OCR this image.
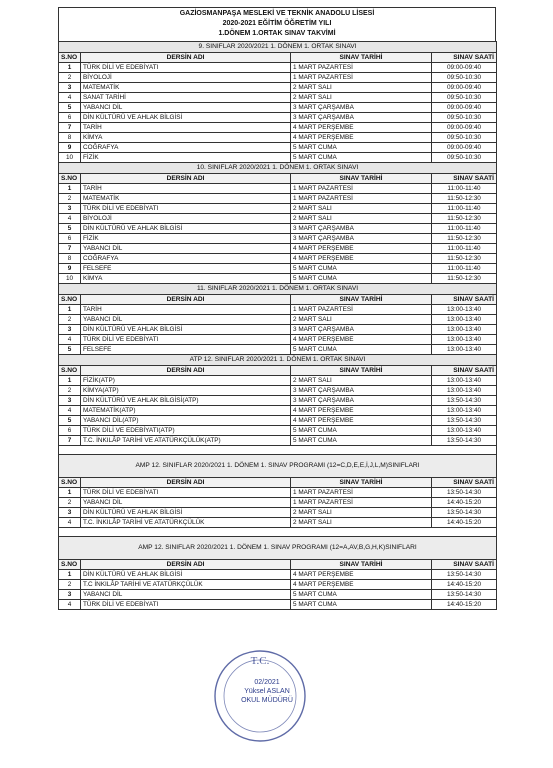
GAZİOSMANPAŞA MESLEKİ VE TEKNİK ANADOLU LİSESİ
2020-2021 EĞİTİM ÖĞRETİM YILI
1.DÖNEM 1.ORTAK SINAV TAKVİMİ
9. SINIFLAR 2020/2021 1. DÖNEM 1. ORTAK SINAVI			
S.NO	DERSİN ADI	SINAV TARİHİ	SINAV SAATİ
1	TÜRK DİLİ VE EDEBİYATI	1 MART PAZARTESİ	09:00-09:40
2	BİYOLOJİ	1 MART PAZARTESİ	09:50-10:30
3	MATEMATİK	2 MART SALI	09:00-09:40
4	SANAT TARİHİ	2 MART SALI	09:50-10:30
5	YABANCI DİL	3 MART ÇARŞAMBA	09:00-09:40
6	DİN KÜLTÜRÜ VE AHLAK BİLGİSİ	3 MART ÇARŞAMBA	09:50-10:30
7	TARİH	4 MART PERŞEMBE	09:00-09:40
8	KİMYA	4 MART PERŞEMBE	09:50-10:30
9	COĞRAFYA	5 MART CUMA	09:00-09:40
10	FİZİK	5 MART CUMA	09:50-10:30
10. SINIFLAR 2020/2021 1. DÖNEM 1. ORTAK SINAVI			
S.NO	DERSİN ADI	SINAV TARİHİ	SINAV SAATİ
1	TARİH	1 MART PAZARTESİ	11:00-11:40
2	MATEMATİK	1 MART PAZARTESİ	11:50-12:30
3	TÜRK DİLİ VE EDEBİYATI	2 MART SALI	11:00-11:40
4	BİYOLOJİ	2 MART SALI	11:50-12:30
5	DİN KÜLTÜRÜ VE AHLAK BİLGİSİ	3 MART ÇARŞAMBA	11:00-11:40
6	FİZİK	3 MART ÇARŞAMBA	11:50-12:30
7	YABANCI DİL	4 MART PERŞEMBE	11:00-11:40
8	COĞRAFYA	4 MART PERŞEMBE	11:50-12:30
9	FELSEFE	5 MART CUMA	11:00-11:40
10	KİMYA	5 MART CUMA	11:50-12:30
11. SINIFLAR 2020/2021 1. DÖNEM 1. ORTAK SINAVI			
S.NO	DERSİN ADI	SINAV TARİHİ	SINAV SAATİ
1	TARİH	1 MART PAZARTESİ	13:00-13:40
2	YABANCI DİL	2 MART SALI	13:00-13:40
3	DİN KÜLTÜRÜ VE AHLAK BİLGİSİ	3 MART ÇARŞAMBA	13:00-13:40
4	TÜRK DİLİ VE EDEBİYATI	4 MART PERŞEMBE	13:00-13:40
5	FELSEFE	5 MART CUMA	13:00-13:40
ATP 12. SINIFLAR 2020/2021 1. DÖNEM 1. ORTAK SINAVI			
S.NO	DERSİN ADI	SINAV TARİHİ	SINAV SAATİ
1	FİZİK(ATP)	2 MART SALI	13:00-13:40
2	KİMYA(ATP)	3 MART ÇARŞAMBA	13:00-13:40
3	DİN KÜLTÜRÜ VE AHLAK BİLGİSİ(ATP)	3 MART ÇARŞAMBA	13:50-14:30
4	MATEMATİK(ATP)	4 MART PERŞEMBE	13:00-13:40
5	YABANCI DİL(ATP)	4 MART PERŞEMBE	13:50-14:30
6	TÜRK DİLİ VE EDEBİYATI(ATP)	5 MART CUMA	13:00-13:40
7	T.C. İNKILÂP TARİHİ VE ATATÜRKÇÜLÜK(ATP)	5 MART CUMA	13:50-14:30

AMP 12. SINIFLAR 2020/2021 1. DÖNEM 1. SINAV PROGRAMI (12=C,D,E,E,İ,J,L,M)SINIFLARI			
S.NO	DERSİN ADI	SINAV TARİHİ	SINAV SAATİ
1	TÜRK DİLİ VE EDEBİYATI	1 MART PAZARTESİ	13:50-14:30
2	YABANCI DİL	1 MART PAZARTESİ	14:40-15:20
3	DİN KÜLTÜRÜ VE AHLAK BİLGİSİ	2 MART SALI	13:50-14:30
4	T.C. İNKILÂP TARİHİ VE ATATÜRKÇÜLÜK	2 MART SALI	14:40-15:20

AMP 12. SINIFLAR 2020/2021 1. DÖNEM 1. SINAV PROGRAMI (12=A,AV,B,G,H,K)SINIFLARI			
S.NO	DERSİN ADI	SINAV TARİHİ	SINAV SAATİ
1	DİN KÜLTÜRÜ VE AHLAK BİLGİSİ	4 MART PERŞEMBE	13:50-14:30
2	T.C İNKILÂP TARİHİ VE ATATÜRKÇÜLÜK	4 MART PERŞEMBE	14:40-15:20
3	YABANCI DİL	5 MART CUMA	13:50-14:30
4	TÜRK DİLİ VE EDEBİYATI	5 MART CUMA	14:40-15:20
T.C.
02/2021
Yüksel ASLAN
OKUL MÜDÜRÜ
